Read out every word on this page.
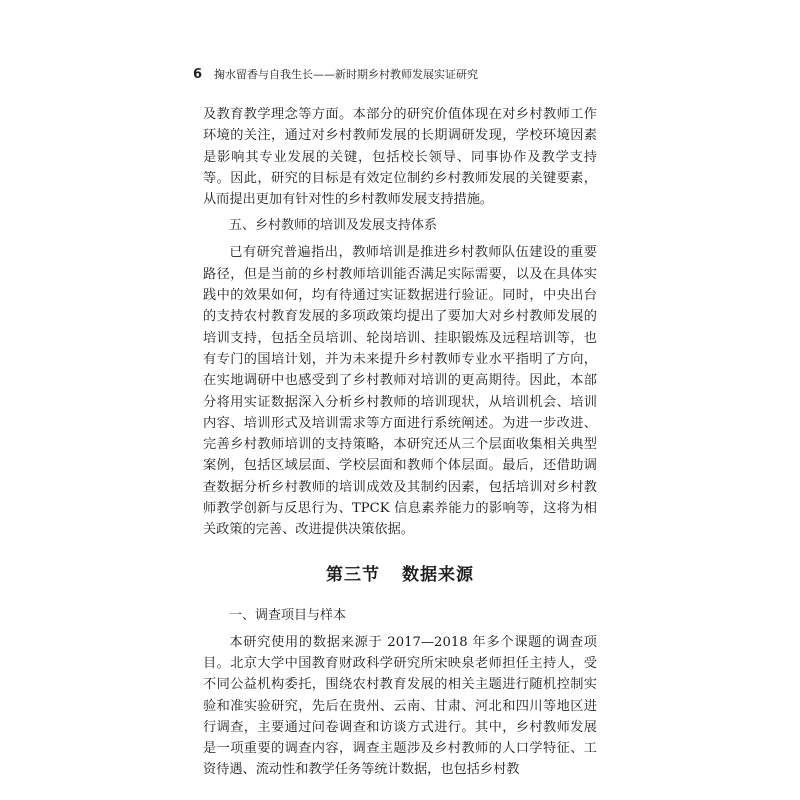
6 掬水留香与自我生长——新时期乡村教师发展实证研究

及教育教学理念等方面。本部分的研究价值体现在对乡村教师工作环境的关注，通过对乡村教师发展的长期调研发现，学校环境因素是影响其专业发展的关键，包括校长领导、同事协作及教学支持等。因此，研究的目标是有效定位制约乡村教师发展的关键要素，从而提出更加有针对性的乡村教师发展支持措施。

五、乡村教师的培训及发展支持体系

已有研究普遍指出，教师培训是推进乡村教师队伍建设的重要路径，但是当前的乡村教师培训能否满足实际需要，以及在具体实践中的效果如何，均有待通过实证数据进行验证。同时，中央出台的支持农村教育发展的多项政策均提出了要加大对乡村教师发展的培训支持，包括全员培训、轮岗培训、挂职锻炼及远程培训等，也有专门的国培计划，并为未来提升乡村教师专业水平指明了方向，在实地调研中也感受到了乡村教师对培训的更高期待。因此，本部分将用实证数据深入分析乡村教师的培训现状，从培训机会、培训内容、培训形式及培训需求等方面进行系统阐述。为进一步改进、完善乡村教师培训的支持策略，本研究还从三个层面收集相关典型案例，包括区域层面、学校层面和教师个体层面。最后，还借助调查数据分析乡村教师的培训成效及其制约因素，包括培训对乡村教师教学创新与反思行为、TPCK 信息素养能力的影响等，这将为相关政策的完善、改进提供决策依据。

第三节 数据来源
一、调查项目与样本

本研究使用的数据来源于 2017—2018 年多个课题的调查项目。北京大学中国教育财政科学研究所宋映泉老师担任主持人，受不同公益机构委托，围绕农村教育发展的相关主题进行随机控制实验和准实验研究，先后在贵州、云南、甘肃、河北和四川等地区进行调查，主要通过问卷调查和访谈方式进行。其中，乡村教师发展是一项重要的调查内容，调查主题涉及乡村教师的人口学特征、工资待遇、流动性和教学任务等统计数据，也包括乡村教
